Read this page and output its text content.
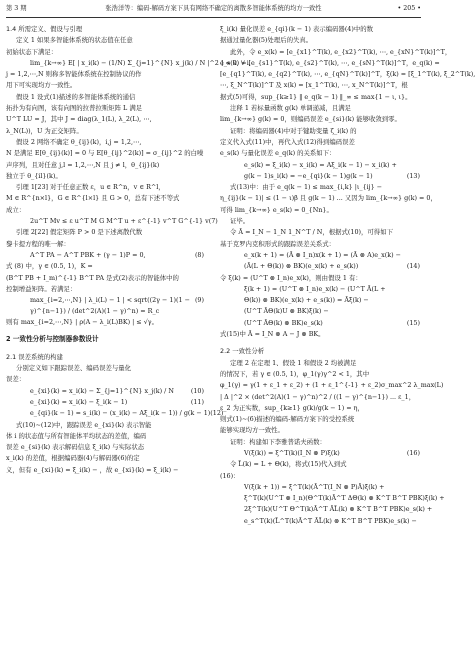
第 3 期	张浩洋等：编码-解码方案下具有网络不确定的离散多智能体系统的均方一致性	• 205 •
1.4 所需定义、假设与引理
定义 1 如果多智能体系统的状态值在任意
初始状态下满足：
lim_{k→∞} E[ | x_i(k) − (1/N) Σ_{j=1}^{N} x_j(k) / N |^2 ] = 0, ∀ i,
j = 1,2,⋯,N 则称多智能体系统在控制协议的作
用下可实现均方一致性。
假设 1 设式(1)描述的多智能体系统的通信
拓扑为有向图，该有向图的拉普拉斯矩阵 L 满足
U^T LU = J，其中 J = diag(λ_1(L), λ_2(L), ⋯,
λ_N(L))，U 为正交矩阵。
假设 2 网络不确定 θ_{ij}(k)，i,j = 1,2,⋯,
N 是满足 E[θ_{ij}(k)] = 0 与 E[θ_{ij}^2(k)] = σ_{ij}^2 的白噪
声序列，且对任意 j,l = 1,2,⋯,N 且 j ≠ l，θ_{ij}(k)
独立于 θ_{il}(k)。
引理 1[23] 对于任意正数 ε，u ∈ R^n，v ∈ R^l，
M ∈ R^{n×l}，G ∈ R^{l×l} 且 G > 0，总有下述不等式
成立：
2u^T Mv ≤ ε u^T M G M^T u + ε^{-1} v^T G^{-1} v (7)
引理 2[22] 假定矩阵 P > 0 是下述离散代数
黎卡提方程的唯一解：
A^T PA − A^T PBK + (γ − 1)P = 0,	(8)
式 (8) 中，γ ∈ (0.5, 1)，K =
(B^T PB + I_m)^{-1} B^T PA 是式(2)表示的智能体中的
控制增益矩阵。若满足：
max_{i=2,⋯,N} | λ_i(L) − 1 | < sqrt((2γ − 1)(1 − γ)^{n−1}) / (det^2(A)(1 − γ)^n) = R_c
(9)
则有 max_{i=2,⋯,N} | ρ(A − λ_i(L)BK) | ≤ √γ。
2 一致性分析与控制器参数设计
2.1 误差系统的构建
分别定义如下跟踪误差、编码误差与量化
误差：
e_{xi}(k) = x_i(k) − Σ_{j=1}^{N} x_j(k) / N	(10)
e_{xi}(k) = x_i(k) − ξ_i(k − 1)	(11)
e_{qi}(k − 1) = s_i(k) − (x_i(k) − Aξ_i(k − 1)) / g(k − 1) (12)
式(10)∼(12)中，跟踪误差 e_{xi}(k) 表示智能
体 i 的状态值与所有智能体平均状态的差值，编码
误差 e_{si}(k) 表示解码信息 ξ_i(k) 与实际状态
x_i(k) 的差值，根据编码器(4)与解码器(6)的定
义，但有 e_{xi}(k) = ξ_i(k) − ，故 e_{xi}(k) = ξ_i(k) −
ξ_i(k) 量化误差 e_{qi}(k − 1) 表示编码器(4)中的数
据通过量化器(5)处理后的失真。
此外，令 e_x(k) = [e_{x1}^T(k), e_{x2}^T(k), ⋯, e_{xN}^T(k)]^T，
e_s(k) = [e_{s1}^T(k), e_{s2}^T(k), ⋯, e_{sN}^T(k)]^T，e_q(k) =
[e_{q1}^T(k), e_{q2}^T(k), ⋯, e_{qN}^T(k)]^T，ξ(k) = [ξ_1^T(k), ξ_2^T(k),
⋯, ξ_N^T(k)]^T 及 x(k) = [x_1^T(k), ⋯, x_N^T(k)]^T，根
据式(5)可得，sup_{k≥1} ‖ e_q(k − 1) ‖_∞ ≤ max{1 − ι, ι}。
注释 1 若标量函数 g(k) 单调递减，且满足
lim_{k→∞} g(k) = 0，则编码误差 e_{si}(k) 能够收敛到零。
证明：将编码器(4)中对于键助变量 ζ_i(k) 的
定义代入式(11)中，再代入式(12)得到编码误差
e_s(k) 与量化误差 e_q(k) 的关系如下：
e_s(k) = ξ_i(k) − x_i(k) = Aξ_i(k − 1) − x_i(k) +
g(k − 1)s_i(k) = −e_{qi}(k − 1)g(k − 1)	(13)
式(13)中：由于 e_q(k − 1) ≤ max_{i,k} |ι_{ij} −
η_{ij}(k − 1)| ≤ (1 − ι)β 且 g(k − 1) ... 又因为 lim_{k→∞} g(k) = 0，
可得 lim_{k→∞} e_s(k) = 0_{Nn}。
证毕。
令 Ā = I_N − 1_N 1_N^T / N，根据式(10)，可得如下
基于克罗内克积形式的跟踪误差关系式：
e_x(k + 1) = (Ā ⊗ I_n)x(k + 1) = (Ā ⊗ A)e_x(k) −
(Ā(L + Θ(k)) ⊗ BK)(e_x(k) + e_s(k))	(14)
令 ξ(k) = (U^T ⊗ I_n)e_x(k)，则由假设 1 有：
ξ(k + 1) = (U^T ⊗ I_n)e_x(k) − (U^T Ā(L +
Θ(k)) ⊗ BK)(e_x(k) + e_s(k)) = Āξ(k) −
(U^T ĀΘ(k)U ⊗ BK)ξ(k) −
(U^T ĀΘ(k) ⊗ BK)e_s(k)	(15)
式(15)中 Ā = I_N ⊗ A − J ⊗ BK。
2.2 一致性分析
定理 2 在定理 1、假设 1 和假设 2 均被满足
的情况下，若 γ ∈ (0.5, 1)，φ_1(γ)γ^2 < 1，其中
φ_1(γ) = γ(1 + ε_1 + ε_2) + (1 + ε_1^{-1} + ε_2)σ_max^2 λ_max(L)
| Δ |^2 × (det^2(A)(1 − γ)^n)^2 / ((1 − γ)^{n−1}) ... ε_1，
ε_2 为正实数，sup_{k≥1} g(k)/g(k − 1) = η，
则式(1)∼(6)描述的编码-解码方案下的受控系统
能够实现均方一致性。
证明：构建如下李雅普诺夫函数：
V(ξ(k)) = ξ^T(k)(I_N ⊗ P)ξ(k)	(16)
令 L̃(k) = L + Θ(k)，将式(15)代入到式
(16)：
V(ξ(k + 1)) = ξ^T(k)(Ā^T(I_N ⊗ P)Ā)ξ(k) +
ξ^T(k)(U^T ⊗ I_n)(Θ^T(k)Ā^T ΔΘ(k) ⊗ K^T B^T PBK)ξ(k) +
2ξ^T(k)(U^T Θ^T(k)Ā^T ĀL̃(k) ⊗ K^T B^T PBK)e_s(k) +
e_s^T(k)(L̃^T(k)Ā^T ĀL̃(k) ⊗ K^T B^T PBK)e_s(k) −
